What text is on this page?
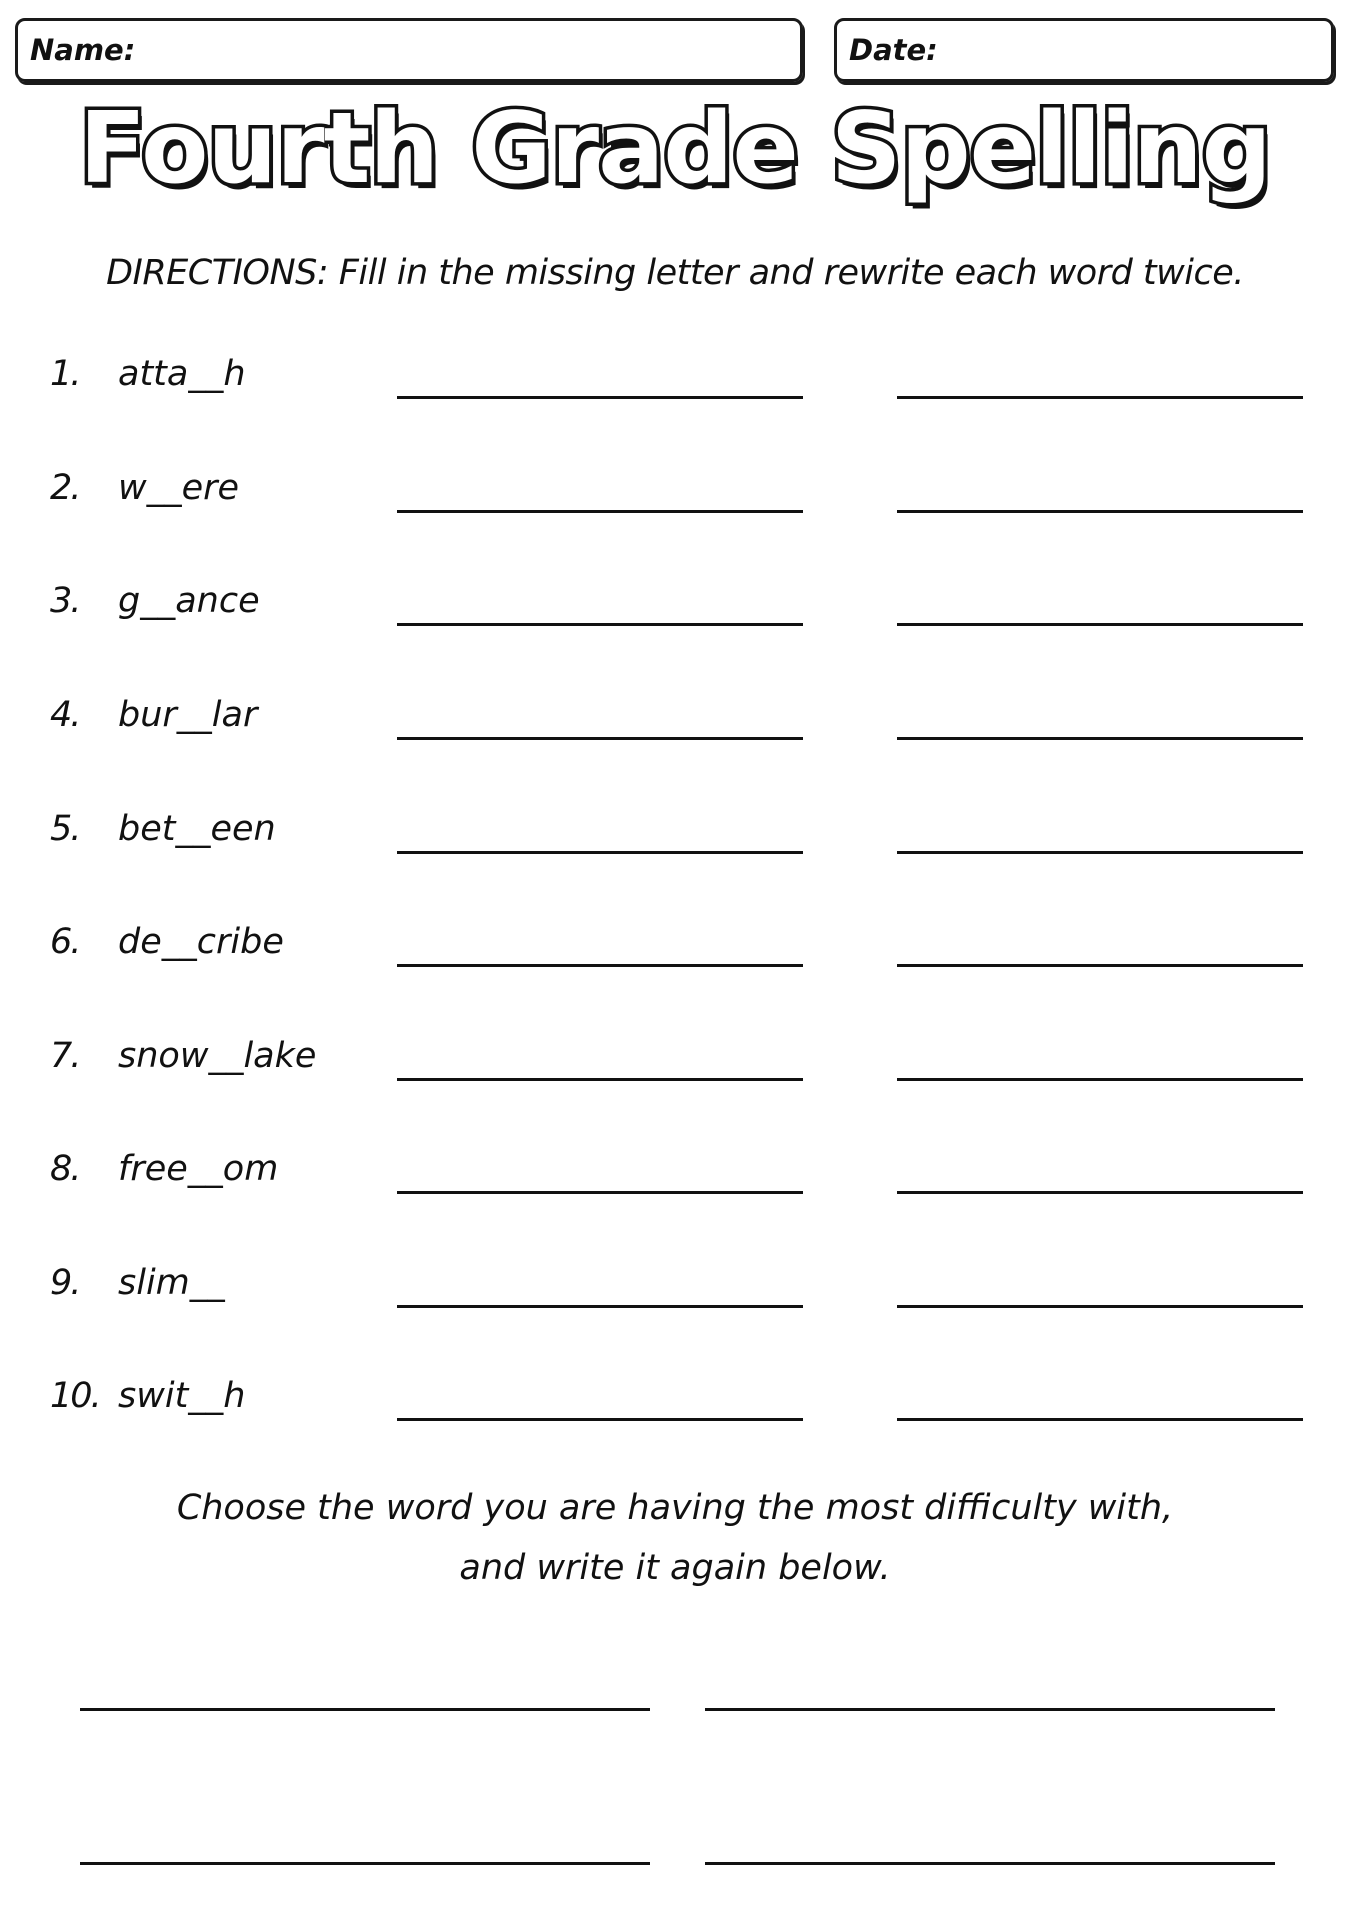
Name:	Date:
Fourth Grade Spelling
DIRECTIONS: Fill in the missing letter and rewrite each word twice.
1. atta__h
2. w__ere
3. g__ance
4. bur__lar
5. bet__een
6. de__cribe
7. snow__lake
8. free__om
9. slim__
10. swit__h
Choose the word you are having the most difficulty with,
and write it again below.
